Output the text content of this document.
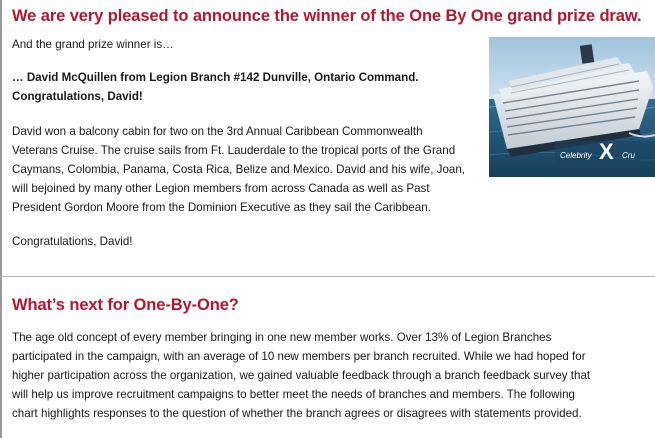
We are very pleased to announce the winner of the One By One grand prize draw.

And the grand prize winner is…

… David McQuillen from Legion Branch #142 Dunville, Ontario Command.

Congratulations, David!

David won a balcony cabin for two on the 3rd Annual Caribbean Commonwealth

Veterans Cruise. The cruise sails from Ft. Lauderdale to the tropical ports of the Grand

Caymans, Colombia, Panama, Costa Rica, Belize and Mexico. David and his wife, Joan,

will bejoined by many other Legion members from across Canada as well as Past

President Gordon Moore from the Dominion Executive as they sail the Caribbean.

Congratulations, David!

Celebrity X Cru
What’s next for One-By-One?

The age old concept of every member bringing in one new member works. Over 13% of Legion Branches

participated in the campaign, with an average of 10 new members per branch recruited. While we had hoped for

higher participation across the organization, we gained valuable feedback through a branch feedback survey that

will help us improve recruitment campaigns to better meet the needs of branches and members. The following

chart highlights responses to the question of whether the branch agrees or disagrees with statements provided.
